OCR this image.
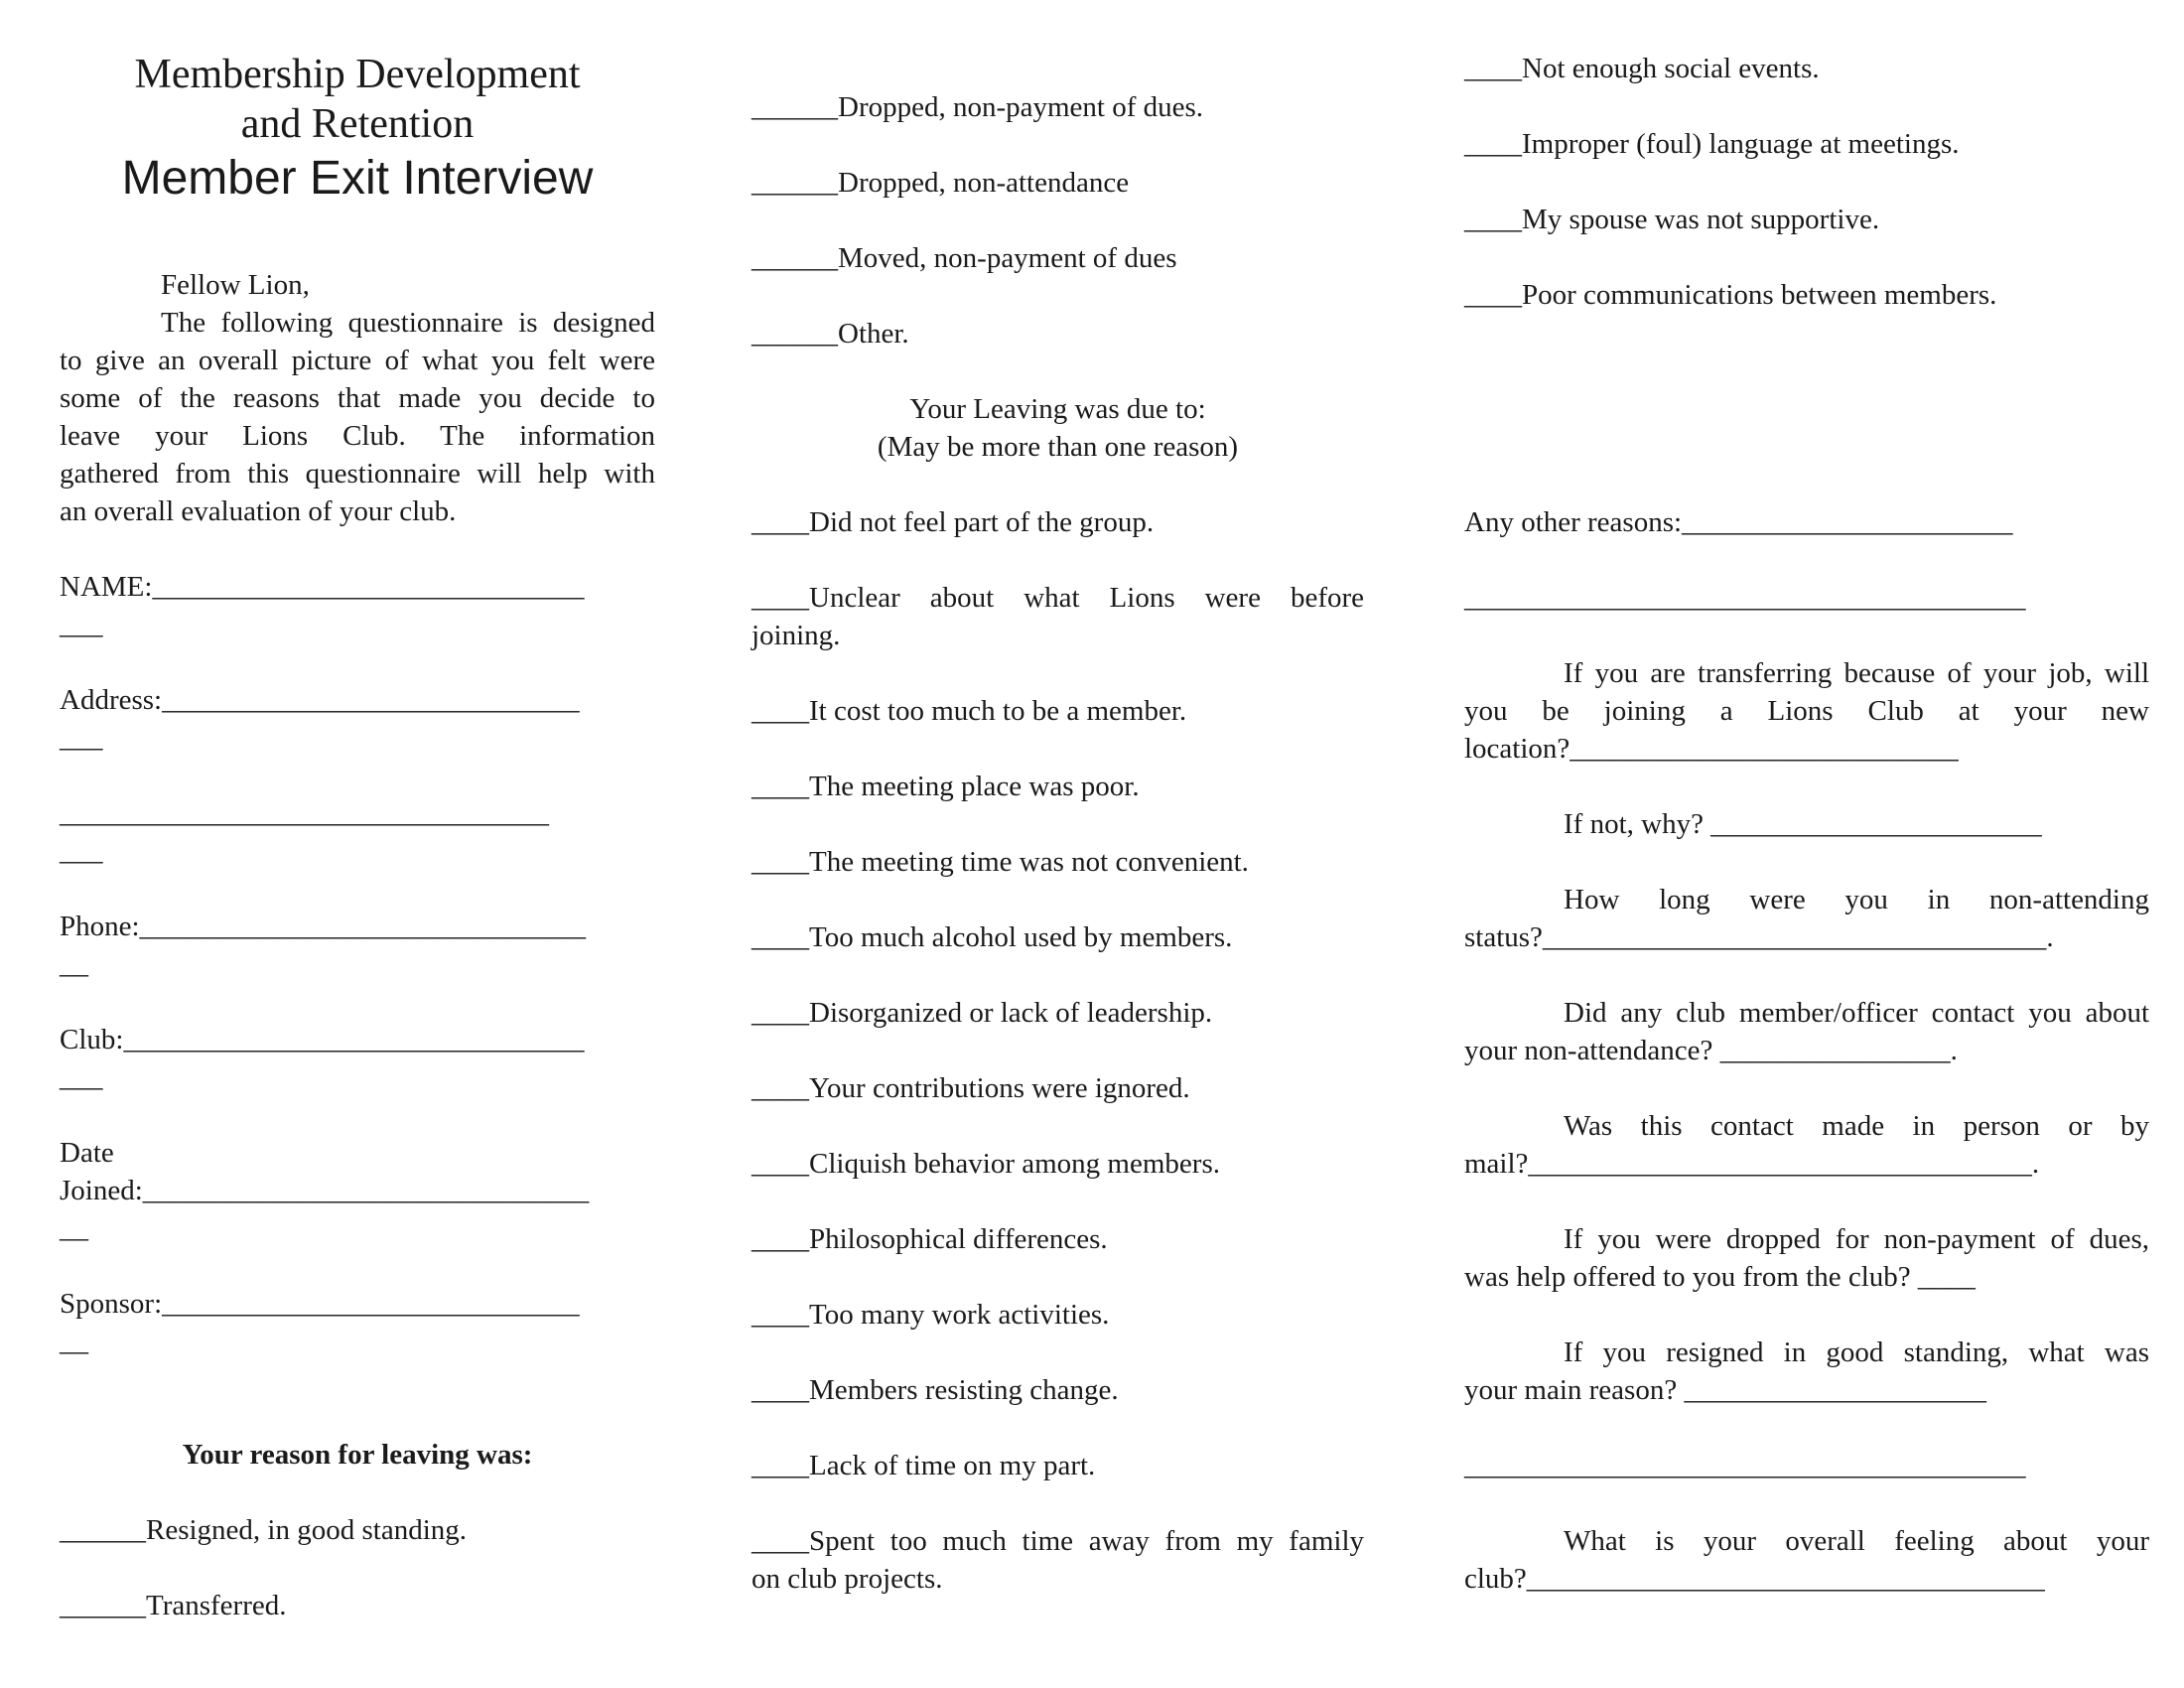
Membership Development
and Retention
Member Exit Interview
Fellow Lion,
The following questionnaire is designed
to give an overall picture of what you felt were
some of the reasons that made you decide to
leave your Lions Club. The information
gathered from this questionnaire will help with
an overall evaluation of your club.
NAME:______________________________
___
Address:_____________________________
___
__________________________________
___
Phone:_______________________________
__
Club:________________________________
___
Date
Joined:_______________________________
__
Sponsor:_____________________________
__
Your reason for leaving was:
______Resigned, in good standing.
______Transferred.
______Dropped, non-payment of dues.
______Dropped, non-attendance
______Moved, non-payment of dues
______Other.
Your Leaving was due to:
(May be more than one reason)
____Did not feel part of the group.
____Unclear about what Lions were before
joining.
____It cost too much to be a member.
____The meeting place was poor.
____The meeting time was not convenient.
____Too much alcohol used by members.
____Disorganized or lack of leadership.
____Your contributions were ignored.
____Cliquish behavior among members.
____Philosophical differences.
____Too many work activities.
____Members resisting change.
____Lack of time on my part.
____Spent too much time away from my family
on club projects.
____Not enough social events.
____Improper (foul) language at meetings.
____My spouse was not supportive.
____Poor communications between members.
Any other reasons:_______________________
_______________________________________
If you are transferring because of your job, will
you be joining a Lions Club at your new
location?___________________________
If not, why? _______________________
How long were you in non-attending
status?___________________________________.
Did any club member/officer contact you about
your non-attendance? ________________.
Was this contact made in person or by
mail?___________________________________.
If you were dropped for non-payment of dues,
was help offered to you from the club? ____
If you resigned in good standing, what was
your main reason? _____________________
_______________________________________
What is your overall feeling about your
club?____________________________________
